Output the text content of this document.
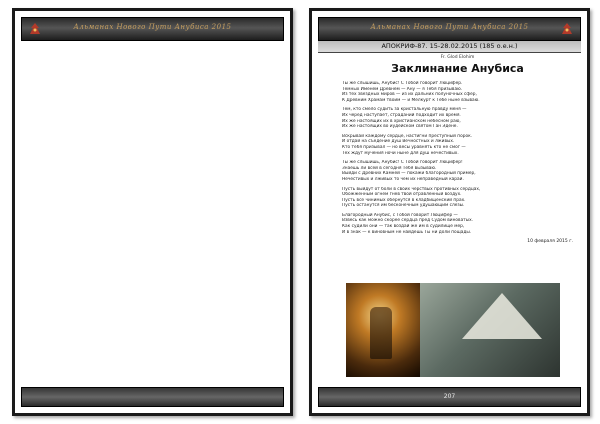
Альманах Нового Пути Анубиса 2015	Альманах Нового Пути Анубиса 2015
АПОКРИФ-87. 15-28.02.2015 (185 о.е.н.)
Fr. Glod Elohim
Заклинание Анубиса
Ты же слышишь, Анубис! С Тобой говорит Люцифер.
Тёмных Именем Древнем — Ану — я Тебя призываю.
Из тех звёздных миров — из их дальних полуночных сфер,
К Древним Храмам твоим — и Мелкурт к Тебе ныне взываю.
Тем, кто смело судить за кристальную правду меня —
Их черёд наступает, страданий подходит их время.
Их же настоящих их в христианском небесном раю,
Их же настоящих во иудейском святом Ган Эдене.
Вскрывай каждому сердце, настигни преступный порок.
И отдай на съедение душ Вечностных и лживых.
Кто тебя призывал — но весы уравнять кто не смог —
Тех ждут мучения ночи ныне для душ нечестивых.
Ты же слышишь, Анубис! С Тобой говорит Люцифер!
Знаешь ли всей в сегодня Тебя вызываю.
Выйди с Древних Камней — покажи благородный пример,
Нечестивых и лживых то чем их неправедный карай.
Пусть выйдут от боли в своих чёрствых противных сердцах,
Обожжённым огнём гнев твой отравленный воздух.
Пусть все чинимых обернутся в кладбищенский прах.
Пусть останутся им бесконечным удушающим слёзы.
Благородный Анубис, с Тобой говорит Люцифер —
Взвесь как можно скорее сердца пред Судом виноватых.
Как судили они — так воздай же им в судилище мер,
И в знак — к виновным не найдешь Ты ни доли пощады.
10 февраля 2015 г.
207
